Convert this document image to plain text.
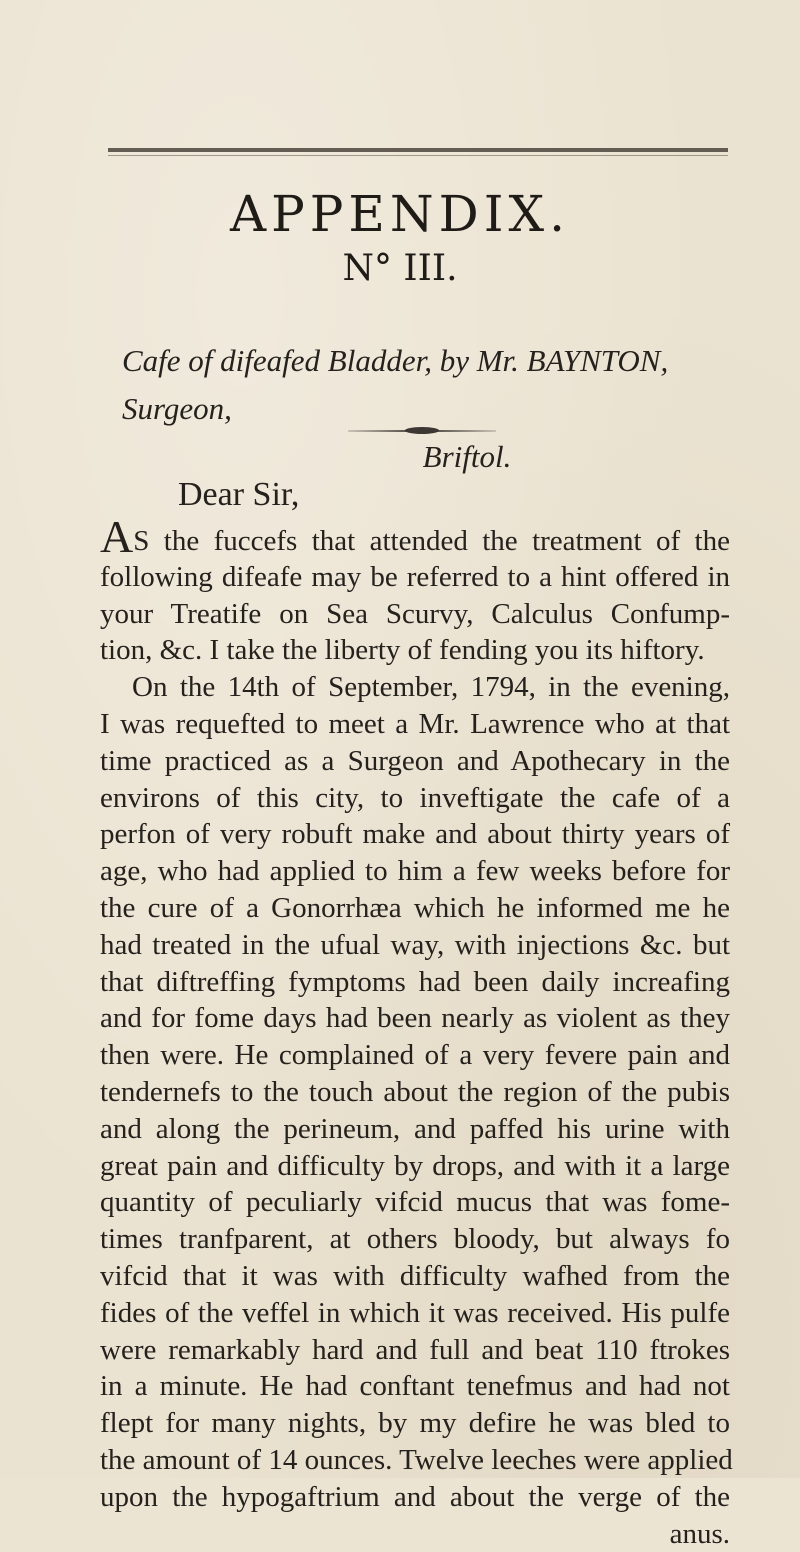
APPENDIX.
N° III.
Cafe of difeafed Bladder, by Mr. BAYNTON, Surgeon,
Briftol.
Dear Sir,
AS the fuccefs that attended the treatment of the
following difeafe may be referred to a hint offered in
your Treatife on Sea Scurvy, Calculus Confump-
tion, &c. I take the liberty of fending you its hiftory.
On the 14th of September, 1794, in the evening,
I was requefted to meet a Mr. Lawrence who at that
time practiced as a Surgeon and Apothecary in the
environs of this city, to inveftigate the cafe of a
perfon of very robuft make and about thirty years of
age, who had applied to him a few weeks before for
the cure of a Gonorrhæa which he informed me he
had treated in the ufual way, with injections &c. but
that diftreffing fymptoms had been daily increafing
and for fome days had been nearly as violent as they
then were. He complained of a very fevere pain and
tendernefs to the touch about the region of the pubis
and along the perineum, and paffed his urine with
great pain and difficulty by drops, and with it a large
quantity of peculiarly vifcid mucus that was fome-
times tranfparent, at others bloody, but always fo
vifcid that it was with difficulty wafhed from the
fides of the veffel in which it was received. His pulfe
were remarkably hard and full and beat 110 ftrokes
in a minute. He had conftant tenefmus and had not
flept for many nights, by my defire he was bled to
the amount of 14 ounces. Twelve leeches were applied
upon the hypogaftrium and about the verge of the
anus.
